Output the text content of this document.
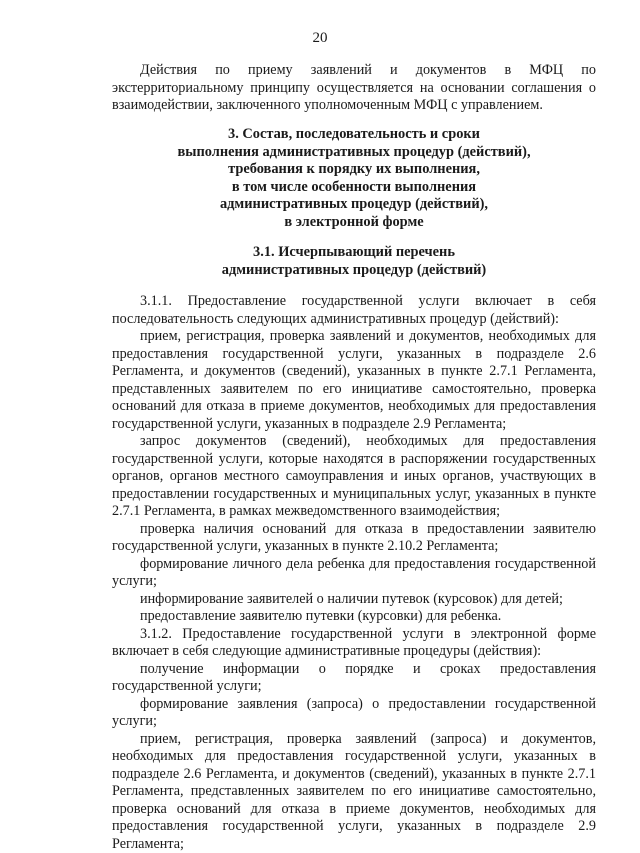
20

Действия по приему заявлений и документов в МФЦ по экстерриториальному принципу осуществляется на основании соглашения о взаимодействии, заключенного уполномоченным МФЦ с управлением.

3. Состав, последовательность и сроки
выполнения административных процедур (действий),
требования к порядку их выполнения,
в том числе особенности выполнения
административных процедур (действий),
в электронной форме
3.1. Исчерпывающий перечень
административных процедур (действий)

3.1.1. Предоставление государственной услуги включает в себя последовательность следующих административных процедур (действий):

прием, регистрация, проверка заявлений и документов, необходимых для предоставления государственной услуги, указанных в подразделе 2.6 Регламента, и документов (сведений), указанных в пункте 2.7.1 Регламента, представленных заявителем по его инициативе самостоятельно, проверка оснований для отказа в приеме документов, необходимых для предоставления государственной услуги, указанных в подразделе 2.9 Регламента;

запрос документов (сведений), необходимых для предоставления государственной услуги, которые находятся в распоряжении государственных органов, органов местного самоуправления и иных органов, участвующих в предоставлении государственных и муниципальных услуг, указанных в пункте 2.7.1 Регламента, в рамках межведомственного взаимодействия;

проверка наличия оснований для отказа в предоставлении заявителю государственной услуги, указанных в пункте 2.10.2 Регламента;

формирование личного дела ребенка для предоставления государственной услуги;

информирование заявителей о наличии путевок (курсовок) для детей;

предоставление заявителю путевки (курсовки) для ребенка.

3.1.2. Предоставление государственной услуги в электронной форме включает в себя следующие административные процедуры (действия):

получение информации о порядке и сроках предоставления государственной услуги;

формирование заявления (запроса) о предоставлении государственной услуги;

прием, регистрация, проверка заявлений (запроса) и документов, необходимых для предоставления государственной услуги, указанных в подразделе 2.6 Регламента, и документов (сведений), указанных в пункте 2.7.1 Регламента, представленных заявителем по его инициативе самостоятельно, проверка оснований для отказа в приеме документов, необходимых для предоставления государственной услуги, указанных в подразделе 2.9 Регламента;
